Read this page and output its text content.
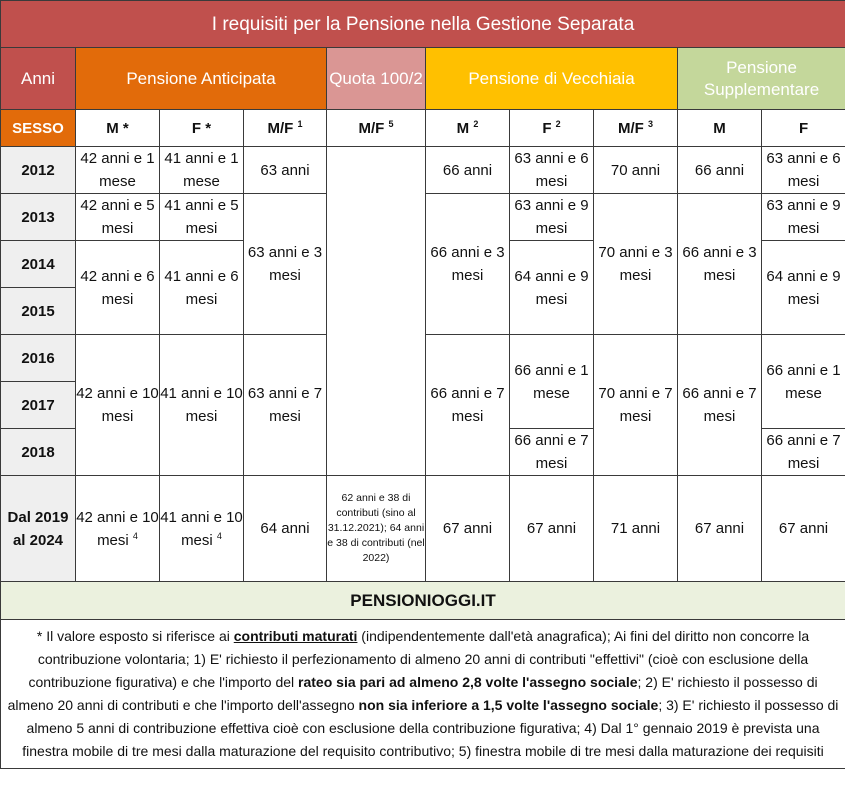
I requisiti per la Pensione nella Gestione Separata									
Anni	Pensione Anticipata			Quota 100/2	Pensione di Vecchiaia			Pensione Supplementare	
SESSO	M *	F *	M/F $^1$	M/F $^5$	M $^2$	F $^2$	M/F $^3$	M	F
2012	42 anni e 1 mese	41 anni e 1 mese	63 anni		66 anni	63 anni e 6 mesi	70 anni	66 anni	63 anni e 6 mesi
2013	42 anni e 5 mesi	41 anni e 5 mesi	63 anni e 3 mesi		66 anni e 3 mesi	63 anni e 9 mesi	70 anni e 3 mesi	66 anni e 3 mesi	63 anni e 9 mesi
2014	42 anni e 6 mesi	41 anni e 6 mesi				64 anni e 9 mesi			64 anni e 9 mesi
2015									
2016	42 anni e 10 mesi	41 anni e 10 mesi	63 anni e 7 mesi		66 anni e 7 mesi	66 anni e 1 mese	70 anni e 7 mesi	66 anni e 7 mesi	66 anni e 1 mese
2017									
2018						66 anni e 7 mesi			66 anni e 7 mesi
Dal 2019 al 2024	42 anni e 10 mesi $^4$	41 anni e 10 mesi $^4$	64 anni	62 anni e 38 di contributi (sino al 31.12.2021); 64 anni e 38 di contributi (nel 2022)	67 anni	67 anni	71 anni	67 anni	67 anni
PENSIONIOGGI.IT									
* Il valore esposto si riferisce ai contributi maturati (indipendentemente dall'età anagrafica); Ai fini del diritto non concorre la contribuzione volontaria; 1) E' richiesto il perfezionamento di almeno 20 anni di contributi "effettivi" (cioè con esclusione della contribuzione figurativa) e che l'importo del rateo sia pari ad almeno 2,8 volte l'assegno sociale; 2) E' richiesto il possesso di almeno 20 anni di contributi e che l'importo dell'assegno non sia inferiore a 1,5 volte l'assegno sociale; 3) E' richiesto il possesso di almeno 5 anni di contribuzione effettiva cioè con esclusione della contribuzione figurativa; 4) Dal 1° gennaio 2019 è prevista una finestra mobile di tre mesi dalla maturazione del requisito contributivo; 5) finestra mobile di tre mesi dalla maturazione dei requisiti									
